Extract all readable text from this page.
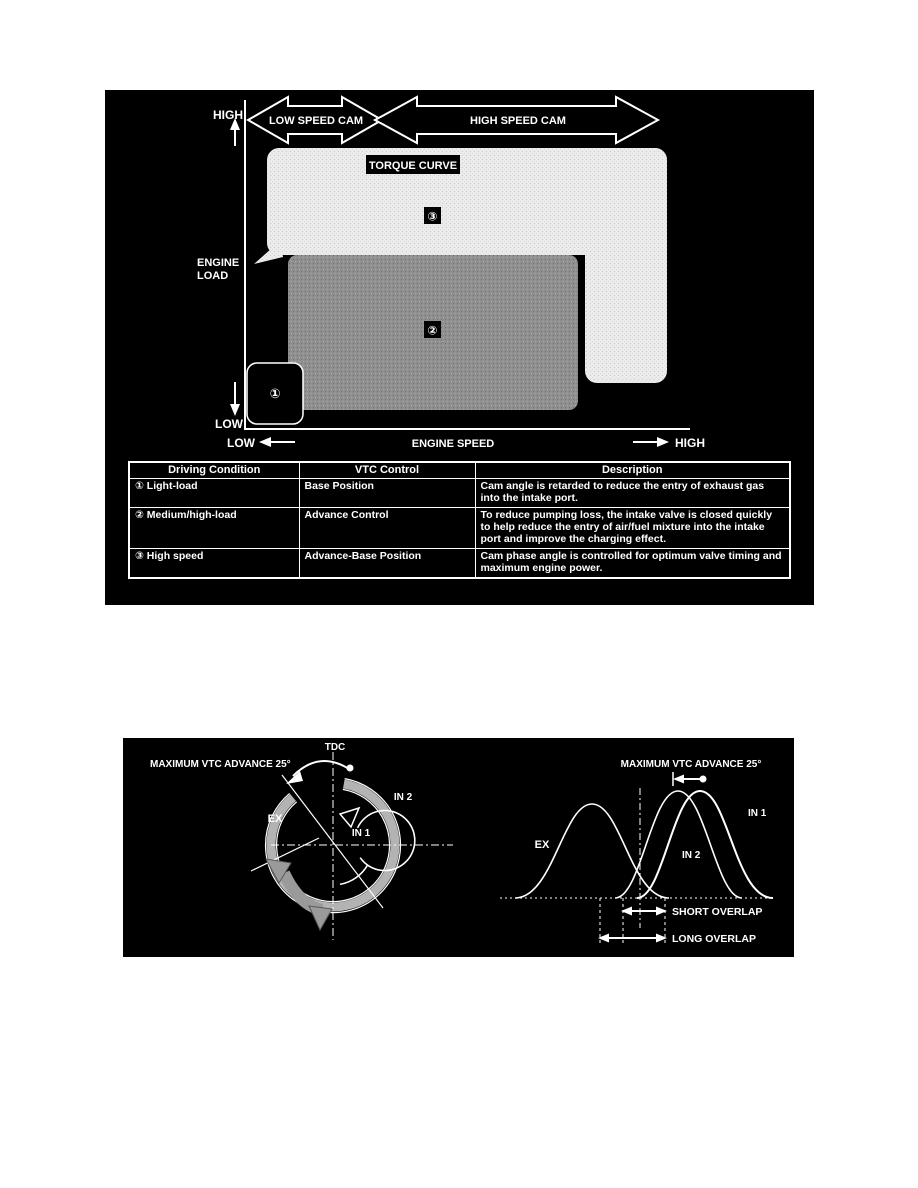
LOW SPEED CAM	HIGH SPEED CAM
TORQUE CURVE
③
②
①
HIGH
ENGINE
LOAD
LOW
LOW	ENGINE SPEED	HIGH
Driving Condition	VTC Control	Description
① Light-load	Base Position	Cam angle is retarded to reduce the entry of exhaust gas into the intake port.
② Medium/high-load	Advance Control	To reduce pumping loss, the intake valve is closed quickly to help reduce the entry of air/fuel mixture into the intake port and improve the charging effect.
③ High speed	Advance-Base Position	Cam phase angle is controlled for optimum valve timing and maximum engine power.
MAXIMUM VTC ADVANCE 25°
TDC
IN 2
EX
IN 1
MAXIMUM VTC ADVANCE 25°
IN 1
IN 2
EX
SHORT OVERLAP
LONG OVERLAP
